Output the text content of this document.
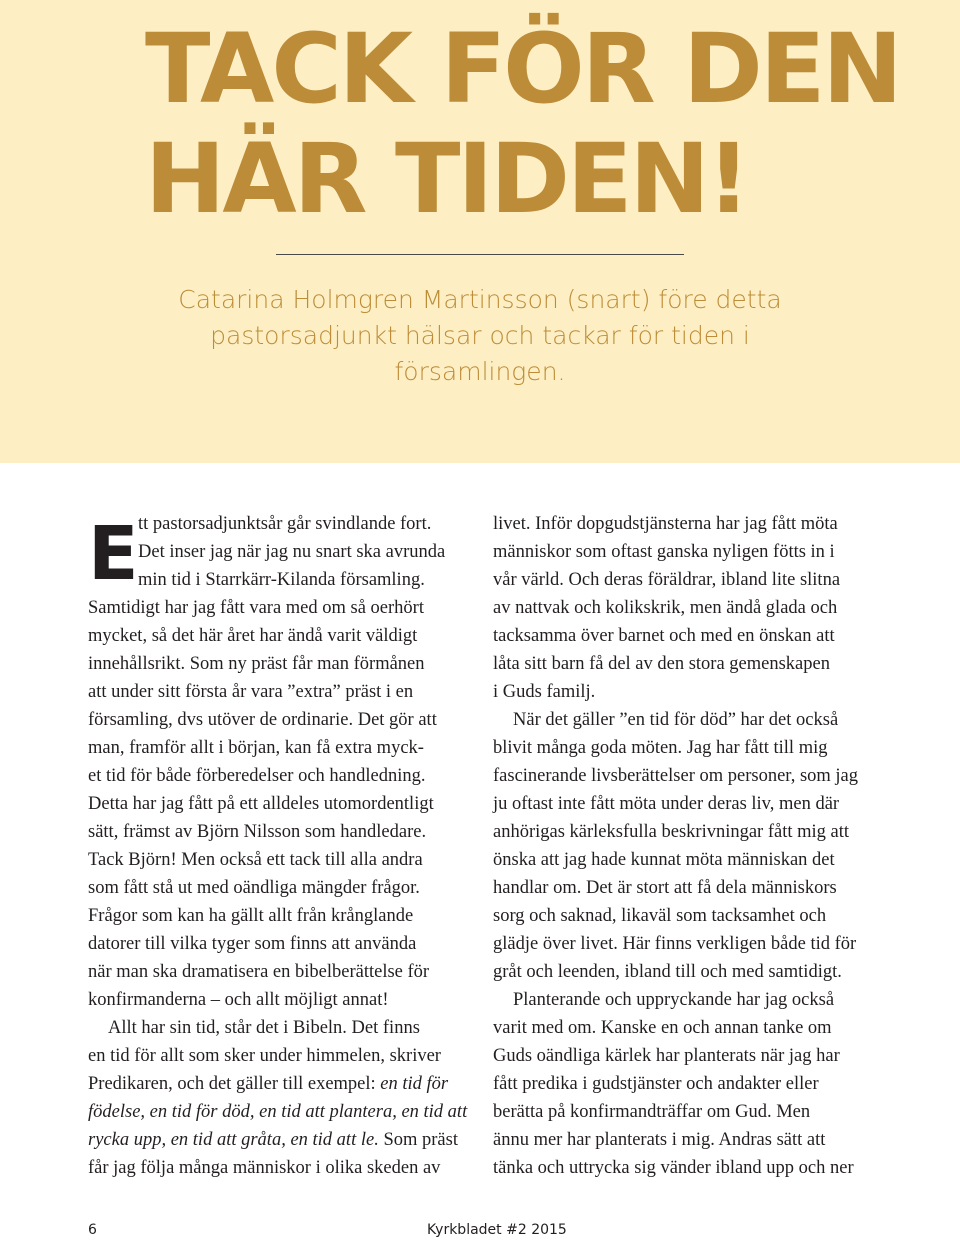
TACK FÖR DEN
HÄR TIDEN!
Catarina Holmgren Martinsson (snart) före detta
pastorsadjunkt hälsar och tackar för tiden i
församlingen.
E tt pastorsadjunktsår går svindlande fort.
Det inser jag när jag nu snart ska avrunda
min tid i Starrkärr-Kilanda församling.
Samtidigt har jag fått vara med om så oerhört
mycket, så det här året har ändå varit väldigt
innehållsrikt. Som ny präst får man förmånen
att under sitt första år vara ”extra” präst i en
församling, dvs utöver de ordinarie. Det gör att
man, framför allt i början, kan få extra myck-
et tid för både förberedelser och handledning.
Detta har jag fått på ett alldeles utomordentligt
sätt, främst av Björn Nilsson som handledare.
Tack Björn! Men också ett tack till alla andra
som fått stå ut med oändliga mängder frågor.
Frågor som kan ha gällt allt från krånglande
datorer till vilka tyger som finns att använda
när man ska dramatisera en bibelberättelse för
konfirmanderna – och allt möjligt annat!

Allt har sin tid, står det i Bibeln. Det finns
en tid för allt som sker under himmelen, skriver
Predikaren, och det gäller till exempel: en tid för
födelse, en tid för död, en tid att plantera, en tid att
rycka upp, en tid att gråta, en tid att le. Som präst
får jag följa många människor i olika skeden av

livet. Inför dopgudstjänsterna har jag fått möta
människor som oftast ganska nyligen fötts in i
vår värld. Och deras föräldrar, ibland lite slitna
av nattvak och kolikskrik, men ändå glada och
tacksamma över barnet och med en önskan att
låta sitt barn få del av den stora gemenskapen
i Guds familj.

När det gäller ”en tid för död” har det också
blivit många goda möten. Jag har fått till mig
fascinerande livsberättelser om personer, som jag
ju oftast inte fått möta under deras liv, men där
anhörigas kärleksfulla beskrivningar fått mig att
önska att jag hade kunnat möta människan det
handlar om. Det är stort att få dela människors
sorg och saknad, likaväl som tacksamhet och
glädje över livet. Här finns verkligen både tid för
gråt och leenden, ibland till och med samtidigt.

Planterande och uppryckande har jag också
varit med om. Kanske en och annan tanke om
Guds oändliga kärlek har planterats när jag har
fått predika i gudstjänster och andakter eller
berätta på konfirmandträffar om Gud. Men
ännu mer har planterats i mig. Andras sätt att
tänka och uttrycka sig vänder ibland upp och ner

6	Kyrkbladet #2 2015
